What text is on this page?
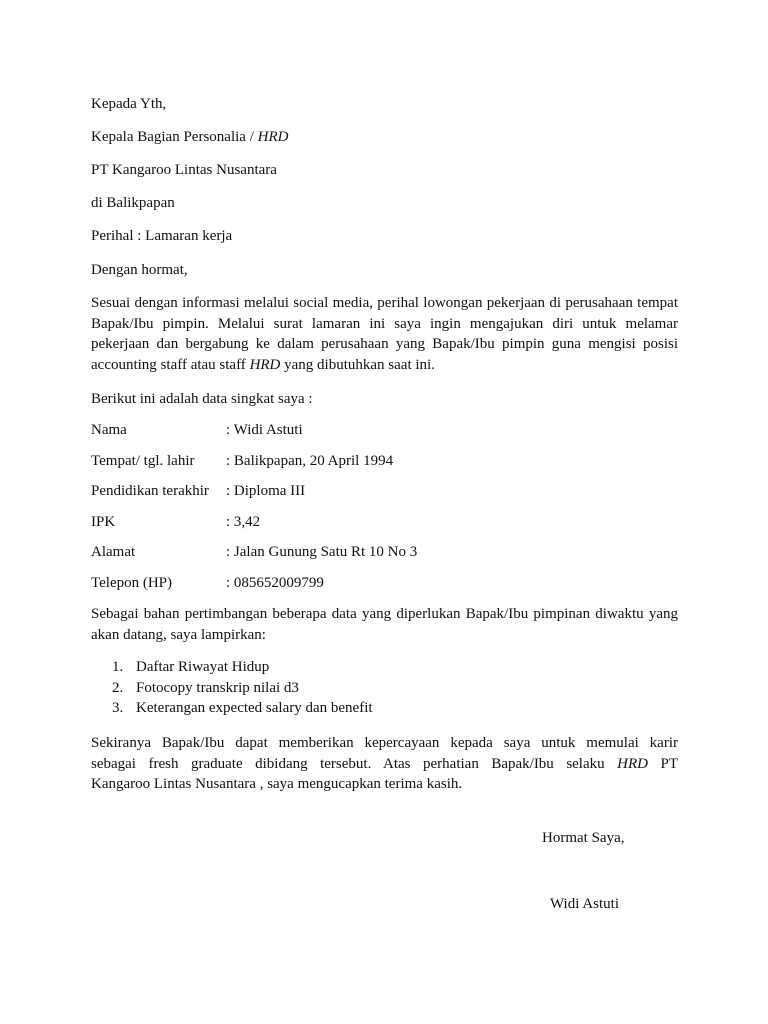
Kepada Yth,
Kepala Bagian Personalia / HRD
PT Kangaroo Lintas Nusantara
di Balikpapan
Perihal : Lamaran kerja
Dengan hormat,
Sesuai dengan informasi melalui social media, perihal lowongan pekerjaan di perusahaan tempat
Bapak/Ibu pimpin. Melalui surat lamaran ini saya ingin mengajukan diri untuk melamar
pekerjaan dan bergabung ke dalam perusahaan yang Bapak/Ibu pimpin guna mengisi posisi
accounting staff atau staff HRD yang dibutuhkan saat ini.
Berikut ini adalah data singkat saya :
Nama	: Widi Astuti
Tempat/ tgl. lahir : Balikpapan, 20 April 1994
Pendidikan terakhir : Diploma III
IPK	: 3,42
Alamat	: Jalan Gunung Satu Rt 10 No 3
Telepon (HP)	: 085652009799
Sebagai bahan pertimbangan beberapa data yang diperlukan Bapak/Ibu pimpinan diwaktu yang
akan datang, saya lampirkan:
1. Daftar Riwayat Hidup
2. Fotocopy transkrip nilai d3
3. Keterangan expected salary dan benefit
Sekiranya Bapak/Ibu dapat memberikan kepercayaan kepada saya untuk memulai karir
sebagai fresh graduate dibidang tersebut. Atas perhatian Bapak/Ibu selaku HRD PT
Kangaroo Lintas Nusantara , saya mengucapkan terima kasih.
Hormat Saya,
Widi Astuti
